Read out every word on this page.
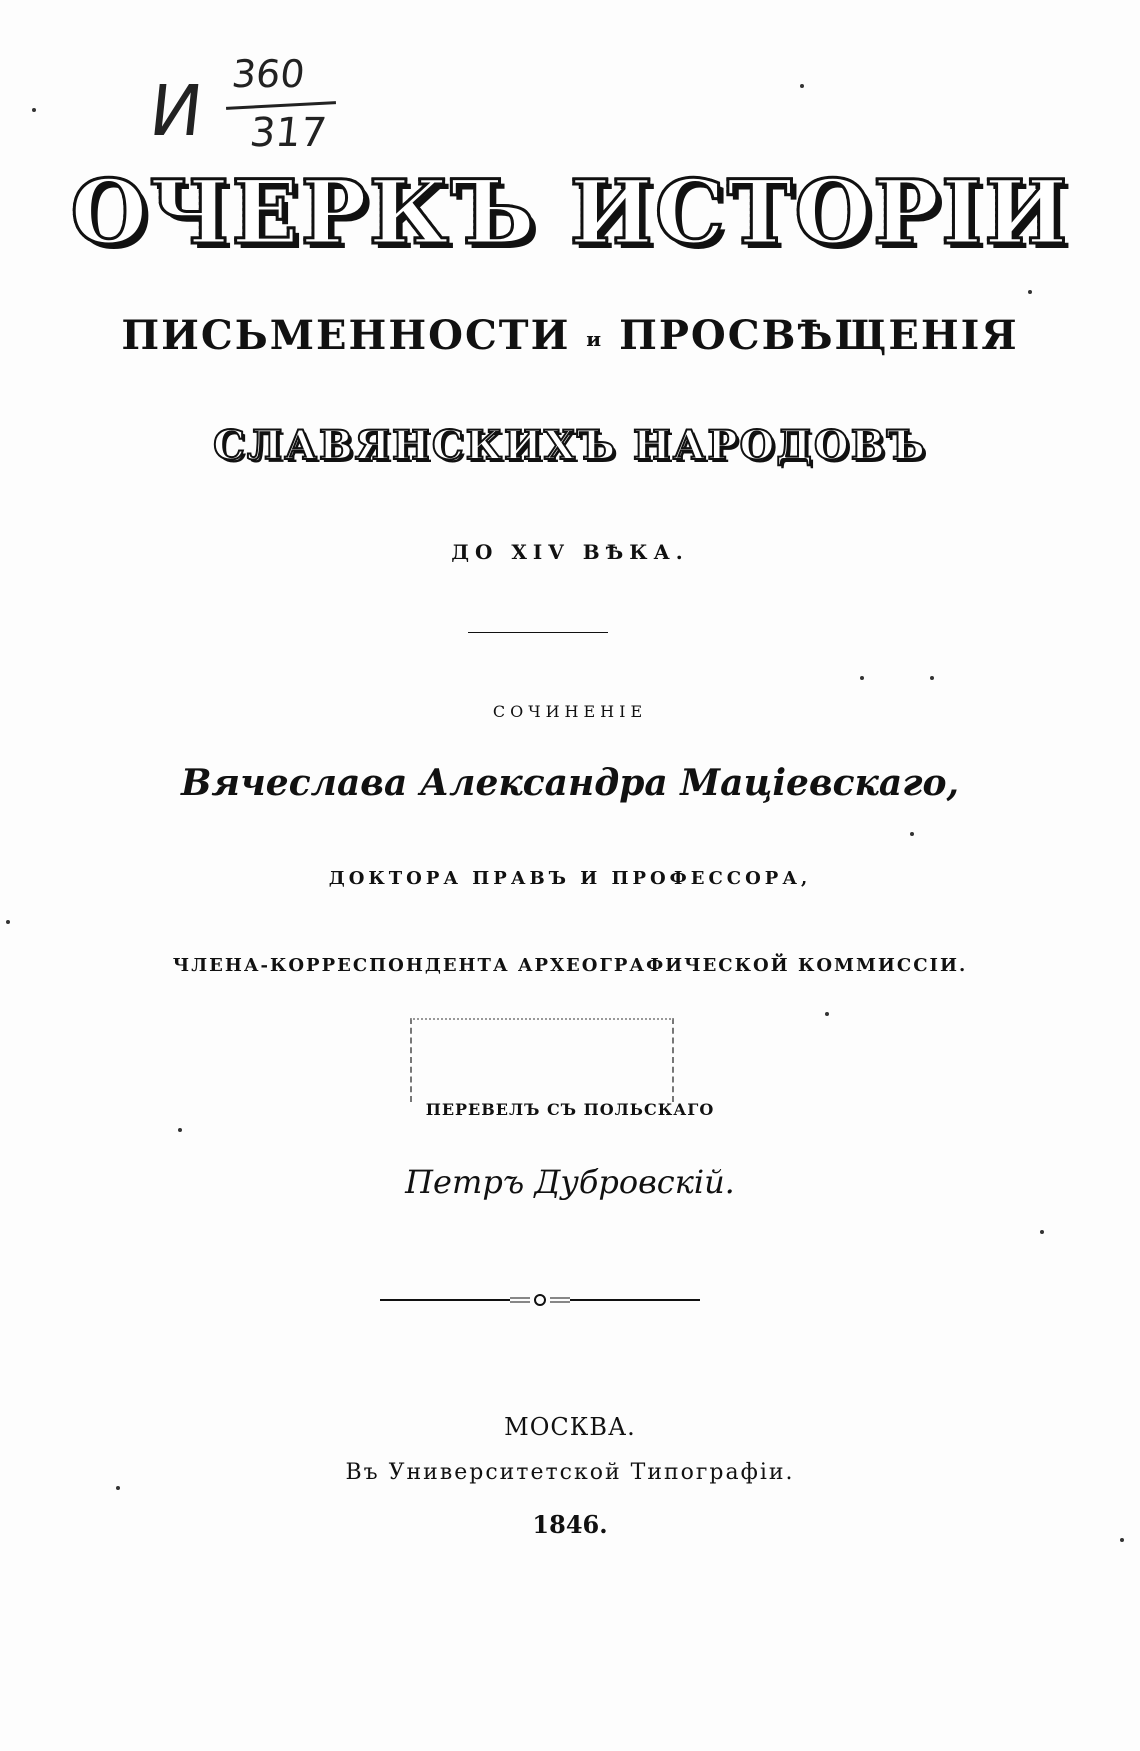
И 360
317
ОЧЕРКЪ ИСТОРІИ
ПИСЬМЕННОСТИ и ПРОСВѢЩЕНІЯ
СЛАВЯНСКИХЪ НАРОДОВЪ
ДО XIV ВѢКА.
СОЧИНЕНІЕ
Вячеслава Александра Маціевскаго,
ДОКТОРА ПРАВЪ И ПРОФЕССОРА,
ЧЛЕНА-КОРРЕСПОНДЕНТА АРХЕОГРАФИЧЕСКОЙ КОММИССІИ.
ПЕРЕВЕЛЪ СЪ ПОЛЬСКАГО
Петръ Дубровскій.
МОСКВА.
Въ Университетской Типографіи.
1846.
